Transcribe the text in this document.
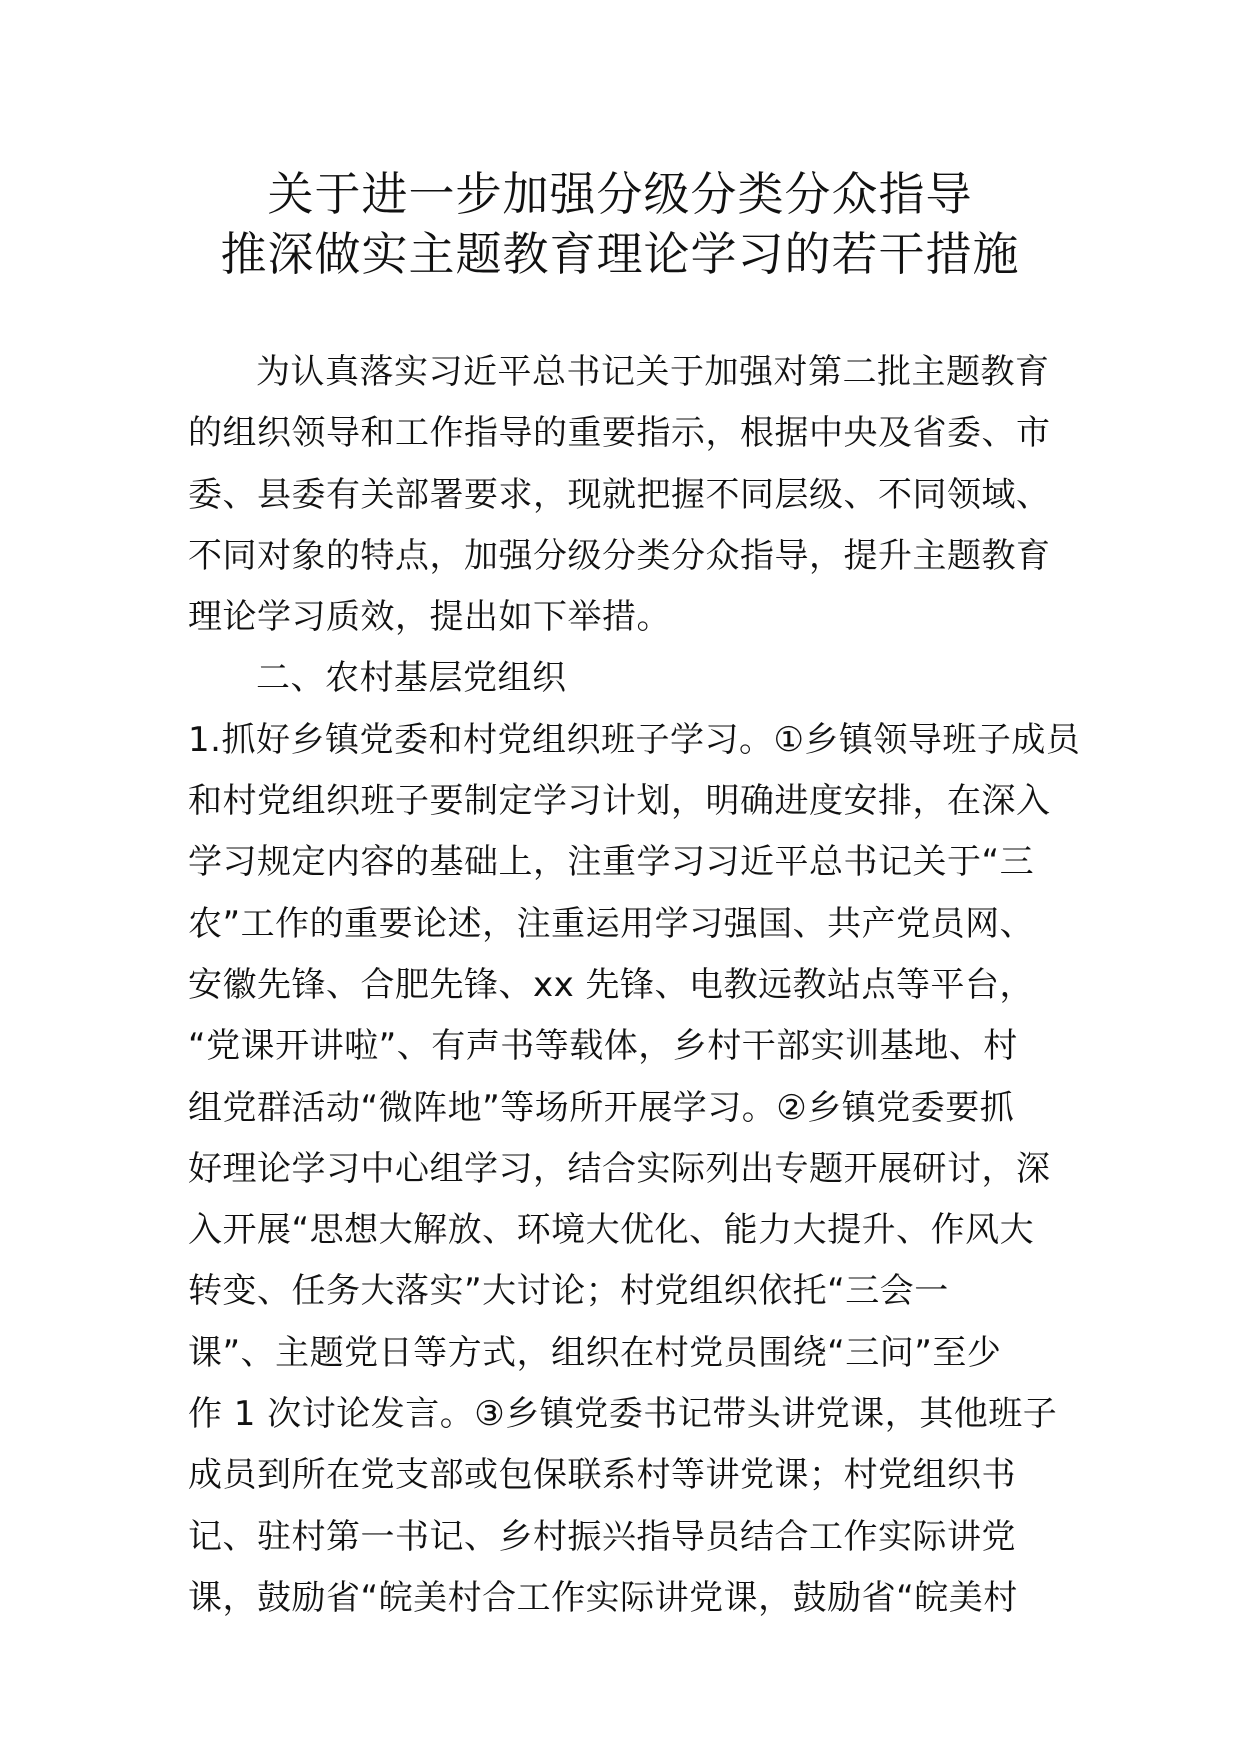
关于进一步加强分级分类分众指导
推深做实主题教育理论学习的若干措施
为认真落实习近平总书记关于加强对第二批主题教育
的组织领导和工作指导的重要指示，根据中央及省委、市
委、县委有关部署要求，现就把握不同层级、不同领域、
不同对象的特点，加强分级分类分众指导，提升主题教育
理论学习质效，提出如下举措。
二、农村基层党组织
1.抓好乡镇党委和村党组织班子学习。①乡镇领导班子成员
和村党组织班子要制定学习计划，明确进度安排，在深入
学习规定内容的基础上，注重学习习近平总书记关于“三
农”工作的重要论述，注重运用学习强国、共产党员网、
安徽先锋、合肥先锋、xx 先锋、电教远教站点等平台，
“党课开讲啦”、有声书等载体，乡村干部实训基地、村
组党群活动“微阵地”等场所开展学习。②乡镇党委要抓
好理论学习中心组学习，结合实际列出专题开展研讨，深
入开展“思想大解放、环境大优化、能力大提升、作风大
转变、任务大落实”大讨论；村党组织依托“三会一
课”、主题党日等方式，组织在村党员围绕“三问”至少
作 1 次讨论发言。③乡镇党委书记带头讲党课，其他班子
成员到所在党支部或包保联系村等讲党课；村党组织书
记、驻村第一书记、乡村振兴指导员结合工作实际讲党
课，鼓励省“皖美村合工作实际讲党课，鼓励省“皖美村
